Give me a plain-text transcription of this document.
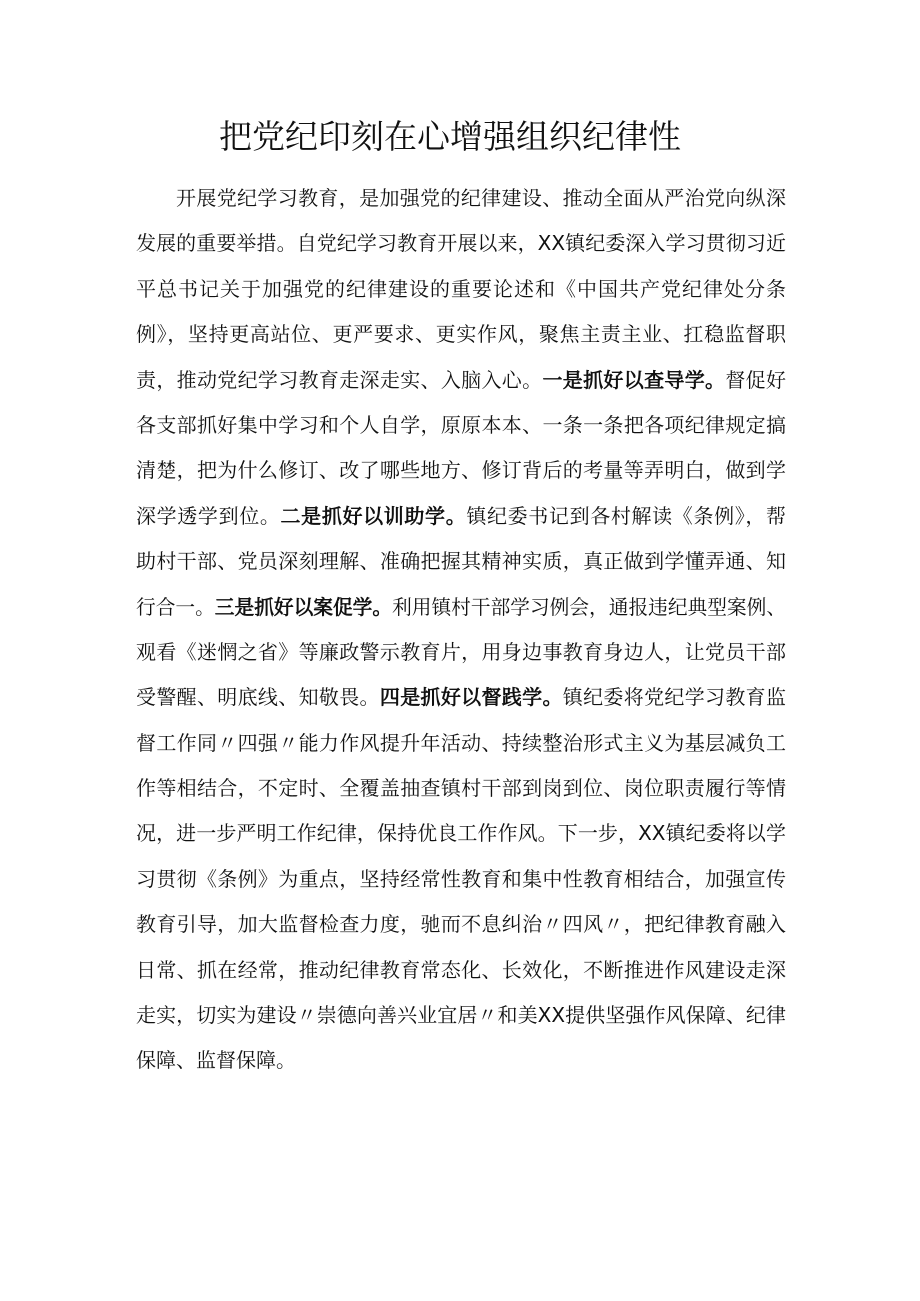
把党纪印刻在心增强组织纪律性
开展党纪学习教育，是加强党的纪律建设、推动全面从严治党向纵深
发展的重要举措。自党纪学习教育开展以来，XX镇纪委深入学习贯彻习近
平总书记关于加强党的纪律建设的重要论述和《中国共产党纪律处分条
例》，坚持更高站位、更严要求、更实作风，聚焦主责主业、扛稳监督职
责，推动党纪学习教育走深走实、入脑入心。一是抓好以查导学。督促好
各支部抓好集中学习和个人自学，原原本本、一条一条把各项纪律规定搞
清楚，把为什么修订、改了哪些地方、修订背后的考量等弄明白，做到学
深学透学到位。二是抓好以训助学。镇纪委书记到各村解读《条例》，帮
助村干部、党员深刻理解、准确把握其精神实质，真正做到学懂弄通、知
行合一。三是抓好以案促学。利用镇村干部学习例会，通报违纪典型案例、
观看《迷惘之省》等廉政警示教育片，用身边事教育身边人，让党员干部
受警醒、明底线、知敬畏。四是抓好以督践学。镇纪委将党纪学习教育监
督工作同〃四强〃能力作风提升年活动、持续整治形式主义为基层减负工
作等相结合，不定时、全覆盖抽查镇村干部到岗到位、岗位职责履行等情
况，进一步严明工作纪律，保持优良工作作风。下一步，XX镇纪委将以学
习贯彻《条例》为重点，坚持经常性教育和集中性教育相结合，加强宣传
教育引导，加大监督检查力度，驰而不息纠治〃四风〃，把纪律教育融入
日常、抓在经常，推动纪律教育常态化、长效化，不断推进作风建设走深
走实，切实为建设〃崇德向善兴业宜居〃和美XX提供坚强作风保障、纪律
保障、监督保障。
